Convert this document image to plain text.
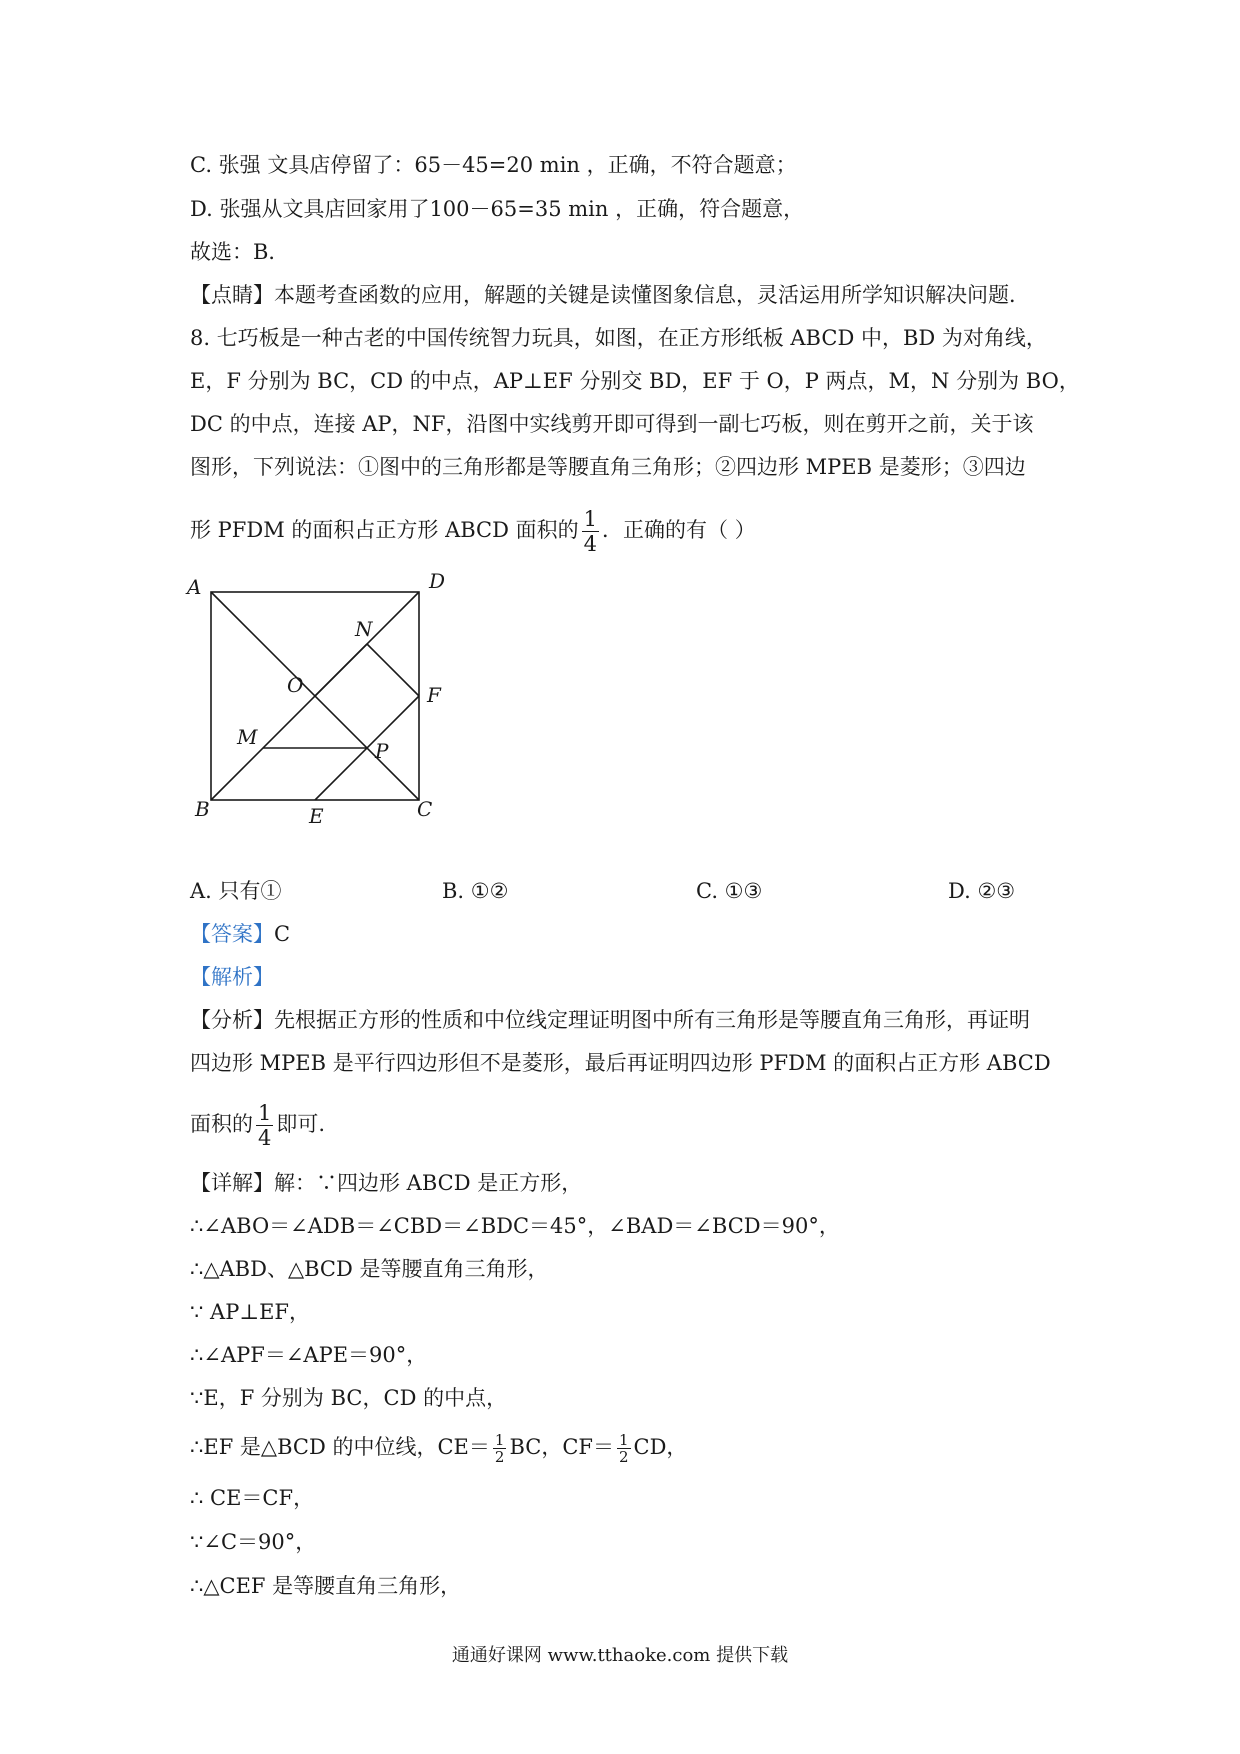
C. 张强 文具店停留了：65－45=20 min ，正确，不符合题意；
D. 张强从文具店回家用了100－65=35 min ，正确，符合题意，
故选：B．
【点睛】本题考查函数的应用，解题的关键是读懂图象信息，灵活运用所学知识解决问题．
8. 七巧板是一种古老的中国传统智力玩具，如图，在正方形纸板 ABCD 中，BD 为对角线，
E，F 分别为 BC，CD 的中点，AP⊥EF 分别交 BD，EF 于 O，P 两点，M，N 分别为 BO，
DC 的中点，连接 AP，NF，沿图中实线剪开即可得到一副七巧板，则在剪开之前，关于该
图形，下列说法：①图中的三角形都是等腰直角三角形；②四边形 MPEB 是菱形；③四边
形 PFDM 的面积占正方形 ABCD 面积的 $\frac{1}{4}$ ．正确的有（ ）
A	D
N
O	F
M
P
B	E	C
A. 只有①	B. ①②	C. ①③	D. ②③
【答案】C
【解析】
【分析】先根据正方形的性质和中位线定理证明图中所有三角形是等腰直角三角形，再证明
四边形 MPEB 是平行四边形但不是菱形，最后再证明四边形 PFDM 的面积占正方形 ABCD
面积的 $\frac{1}{4}$ 即可.
【详解】解：∵四边形 ABCD 是正方形，
∴∠ABO＝∠ADB＝∠CBD＝∠BDC＝45°，∠BAD＝∠BCD＝90°，
∴△ABD、△BCD 是等腰直角三角形，
∵ AP⊥EF，
∴∠APF＝∠APE＝90°，
∵E，F 分别为 BC，CD 的中点，
∴EF 是△BCD 的中位线，$CE= \frac{1}{2}$ BC，$CF= \frac{1}{2}$ CD，
∴ CE＝CF，
∵∠C＝90°，
∴△CEF 是等腰直角三角形，
通通好课网 www.tthaoke.com 提供下载
